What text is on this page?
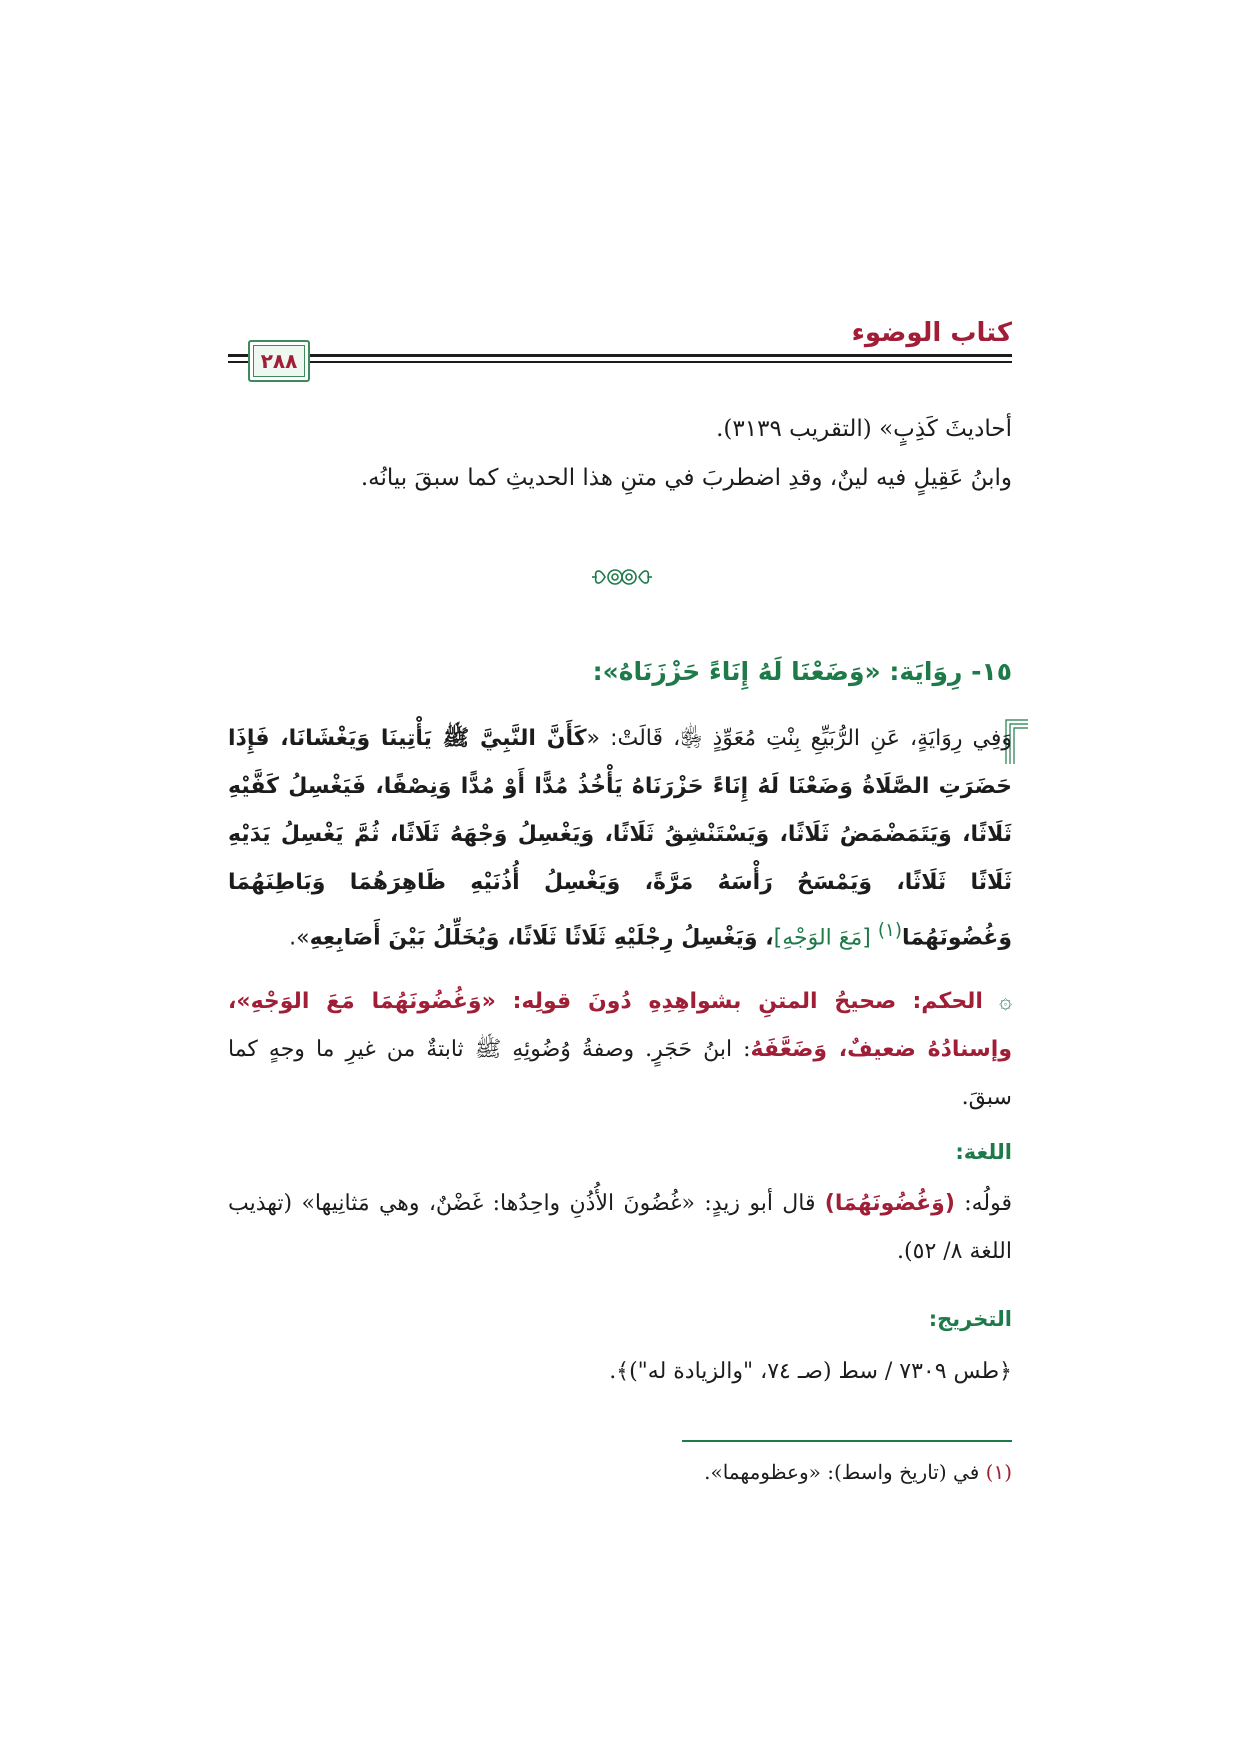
كتاب الوضوء
٢٨٨
أحاديثَ كَذِبٍ» (التقريب ٣١٣٩).
وابنُ عَقِيلٍ فيه لينٌ، وقدِ اضطربَ في متنِ هذا الحديثِ كما سبقَ بيانُه.
١٥- رِوَايَة: «وَضَعْنَا لَهُ إِنَاءً حَزْزَنَاهُ»:
وَفِي رِوَايَةٍ، عَنِ الرُّبَيِّعِ بِنْتِ مُعَوِّذٍ ﵂، قَالَتْ: «كَأَنَّ النَّبِيَّ ﷺ يَأْتِينَا وَيَغْشَانَا، فَإِذَا حَضَرَتِ الصَّلَاةُ وَضَعْنَا لَهُ إِنَاءً حَزْرَنَاهُ يَأْخُذُ مُدًّا أَوْ مُدًّا وَنِصْفًا، فَيَغْسِلُ كَفَّيْهِ ثَلَاثًا، وَيَتَمَضْمَضُ ثَلَاثًا، وَيَسْتَنْشِقُ ثَلَاثًا، وَيَغْسِلُ وَجْهَهُ ثَلَاثًا، ثُمَّ يَغْسِلُ يَدَيْهِ ثَلَاثًا ثَلَاثًا، وَيَمْسَحُ رَأْسَهُ مَرَّةً، وَيَغْسِلُ أُذُنَيْهِ ظَاهِرَهُمَا وَبَاطِنَهُمَا وَغُضُونَهُمَا$^{(١)}$ [مَعَ الوَجْهِ]، وَيَغْسِلُ رِجْلَيْهِ ثَلَاثًا ثَلَاثًا، وَيُخَلِّلُ بَيْنَ أَصَابِعِهِ».
۞ الحكم: صحيحُ المتنِ بشواهِدِهِ دُونَ قولِه: «وَغُضُونَهُمَا مَعَ الوَجْهِ»، وإسنادُهُ ضعيفٌ، وَضَعَّفَهُ: ابنُ حَجَرٍ. وصفةُ وُضُوئِهِ ﷺ ثابتةٌ من غيرِ ما وجهٍ كما سبقَ.
اللغة:
قولُه: (وَغُضُونَهُمَا) قال أبو زيدٍ: «غُضُونَ الأُذُنِ واحِدُها: غَضْنٌ، وهي مَثانِيها» (تهذيب اللغة ٨/ ٥٢).
التخريج:
﴿طس ٧٣٠٩ / سط (صـ ٧٤، "والزيادة له")﴾.
(١) في (تاريخ واسط): «وعظومهما».
